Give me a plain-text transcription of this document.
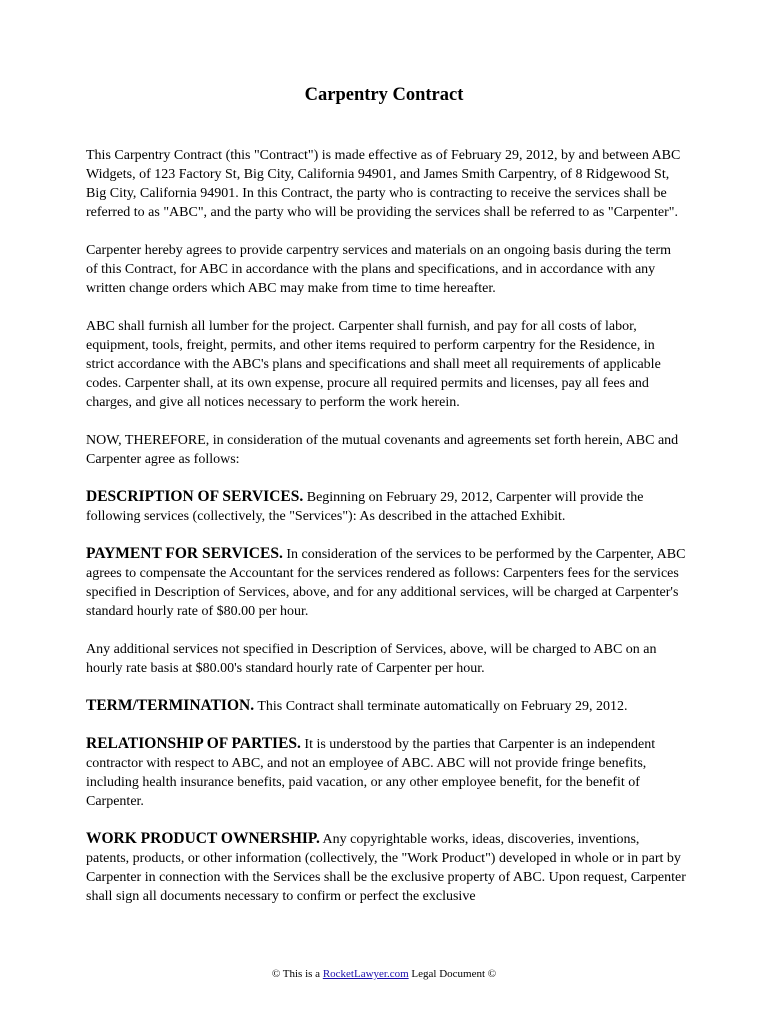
Carpentry Contract

This Carpentry Contract (this "Contract") is made effective as of February 29, 2012, by and between ABC Widgets, of 123 Factory St, Big City, California 94901, and James Smith Carpentry, of 8 Ridgewood St, Big City, California 94901. In this Contract, the party who is contracting to receive the services shall be referred to as "ABC", and the party who will be providing the services shall be referred to as "Carpenter".

Carpenter hereby agrees to provide carpentry services and materials on an ongoing basis during the term of this Contract, for ABC in accordance with the plans and specifications, and in accordance with any written change orders which ABC may make from time to time hereafter.

ABC shall furnish all lumber for the project. Carpenter shall furnish, and pay for all costs of labor, equipment, tools, freight, permits, and other items required to perform carpentry for the Residence, in strict accordance with the ABC's plans and specifications and shall meet all requirements of applicable codes. Carpenter shall, at its own expense, procure all required permits and licenses, pay all fees and charges, and give all notices necessary to perform the work herein.

NOW, THEREFORE, in consideration of the mutual covenants and agreements set forth herein, ABC and Carpenter agree as follows:

DESCRIPTION OF SERVICES. Beginning on February 29, 2012, Carpenter will provide the following services (collectively, the "Services"): As described in the attached Exhibit.

PAYMENT FOR SERVICES. In consideration of the services to be performed by the Carpenter, ABC agrees to compensate the Accountant for the services rendered as follows: Carpenters fees for the services specified in Description of Services, above, and for any additional services, will be charged at Carpenter's standard hourly rate of $80.00 per hour.

Any additional services not specified in Description of Services, above, will be charged to ABC on an hourly rate basis at $80.00's standard hourly rate of Carpenter per hour.

TERM/TERMINATION. This Contract shall terminate automatically on February 29, 2012.

RELATIONSHIP OF PARTIES. It is understood by the parties that Carpenter is an independent contractor with respect to ABC, and not an employee of ABC. ABC will not provide fringe benefits, including health insurance benefits, paid vacation, or any other employee benefit, for the benefit of Carpenter.

WORK PRODUCT OWNERSHIP. Any copyrightable works, ideas, discoveries, inventions, patents, products, or other information (collectively, the "Work Product") developed in whole or in part by Carpenter in connection with the Services shall be the exclusive property of ABC. Upon request, Carpenter shall sign all documents necessary to confirm or perfect the exclusive

© This is a RocketLawyer.com Legal Document ©
